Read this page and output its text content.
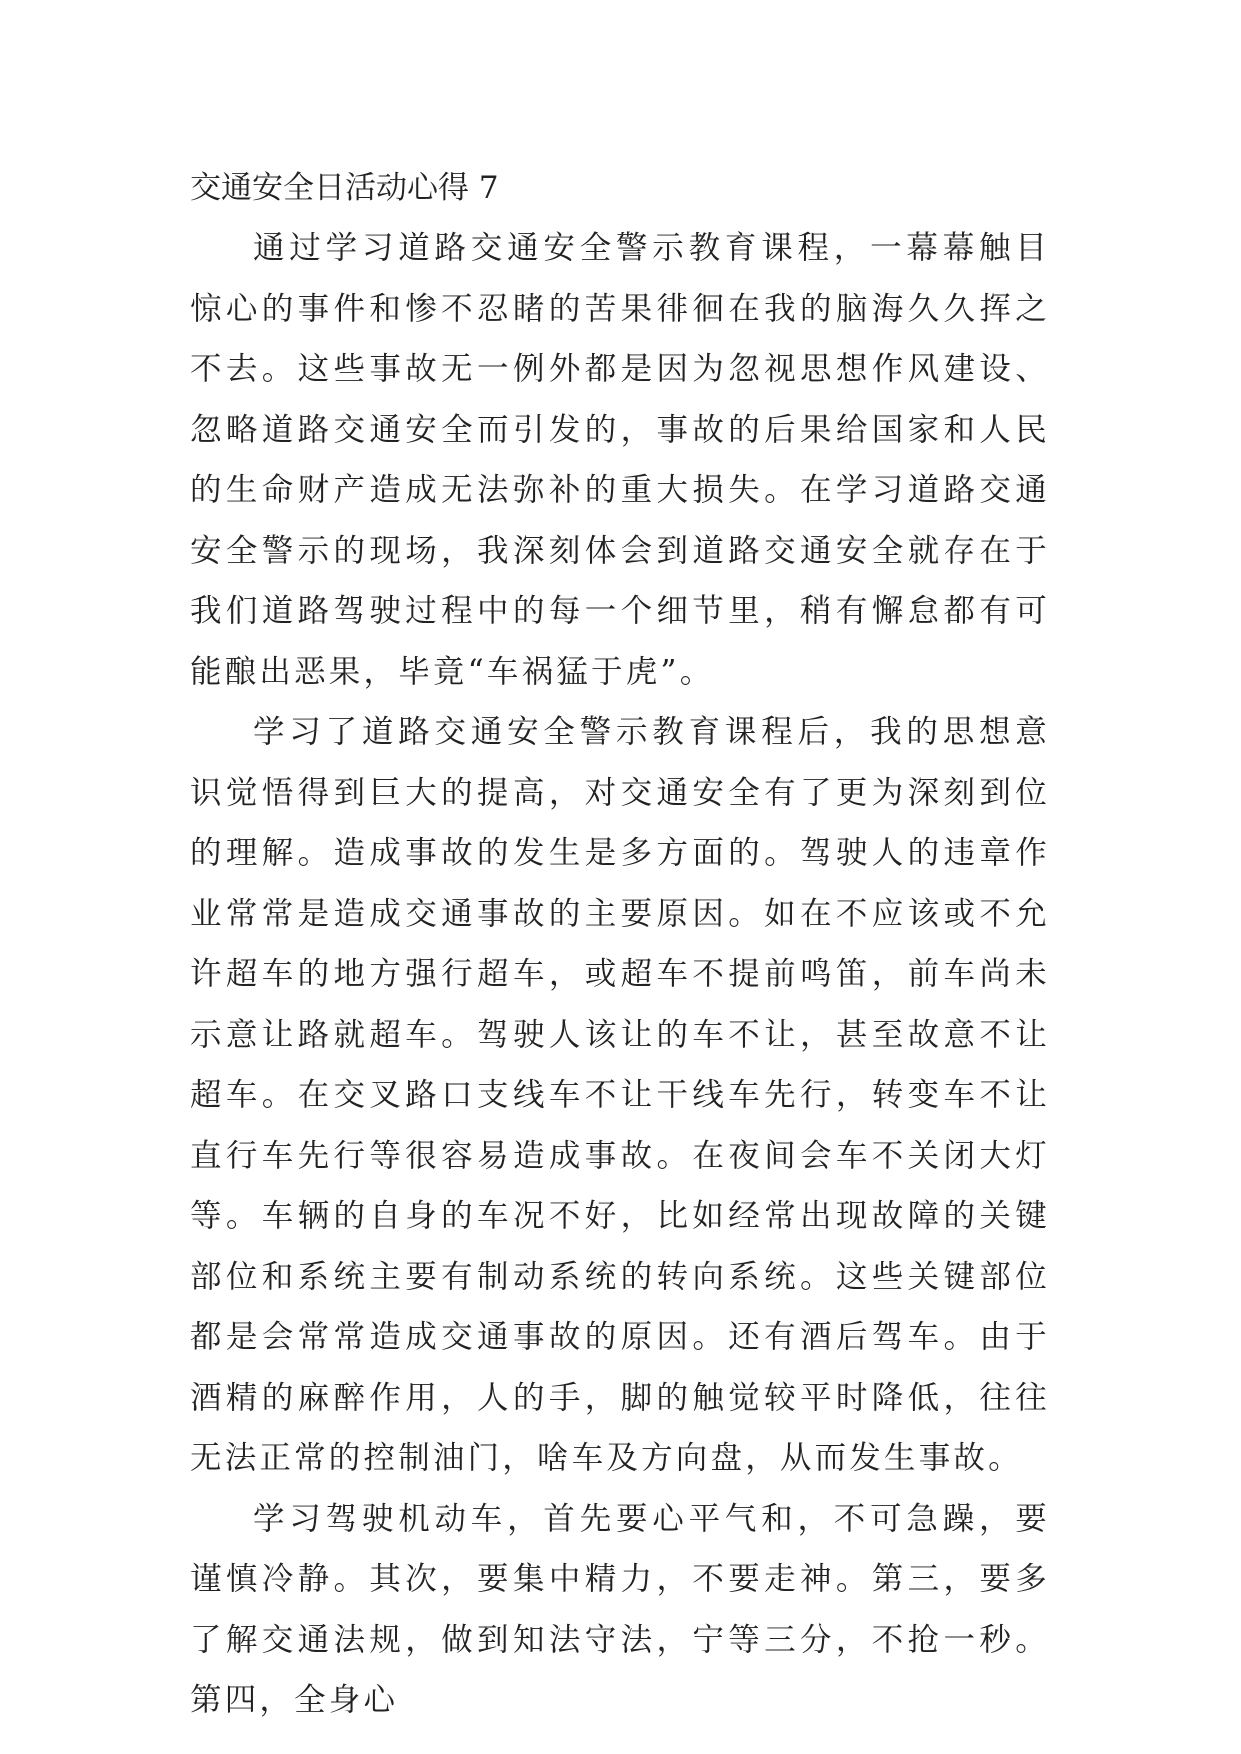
交通安全日活动心得 7

通过学习道路交通安全警示教育课程，一幕幕触目惊心的事件和惨不忍睹的苦果徘徊在我的脑海久久挥之不去。这些事故无一例外都是因为忽视思想作风建设、忽略道路交通安全而引发的，事故的后果给国家和人民的生命财产造成无法弥补的重大损失。在学习道路交通安全警示的现场，我深刻体会到道路交通安全就存在于我们道路驾驶过程中的每一个细节里，稍有懈怠都有可能酿出恶果，毕竟“车祸猛于虎”。

学习了道路交通安全警示教育课程后，我的思想意识觉悟得到巨大的提高，对交通安全有了更为深刻到位的理解。造成事故的发生是多方面的。驾驶人的违章作业常常是造成交通事故的主要原因。如在不应该或不允许超车的地方强行超车，或超车不提前鸣笛，前车尚未示意让路就超车。驾驶人该让的车不让，甚至故意不让超车。在交叉路口支线车不让干线车先行，转变车不让直行车先行等很容易造成事故。在夜间会车不关闭大灯等。车辆的自身的车况不好，比如经常出现故障的关键部位和系统主要有制动系统的转向系统。这些关键部位都是会常常造成交通事故的原因。还有酒后驾车。由于酒精的麻醉作用，人的手，脚的触觉较平时降低，往往无法正常的控制油门，啥车及方向盘，从而发生事故。

学习驾驶机动车，首先要心平气和，不可急躁，要谨慎冷静。其次，要集中精力，不要走神。第三，要多了解交通法规，做到知法守法，宁等三分，不抢一秒。第四，全身心
